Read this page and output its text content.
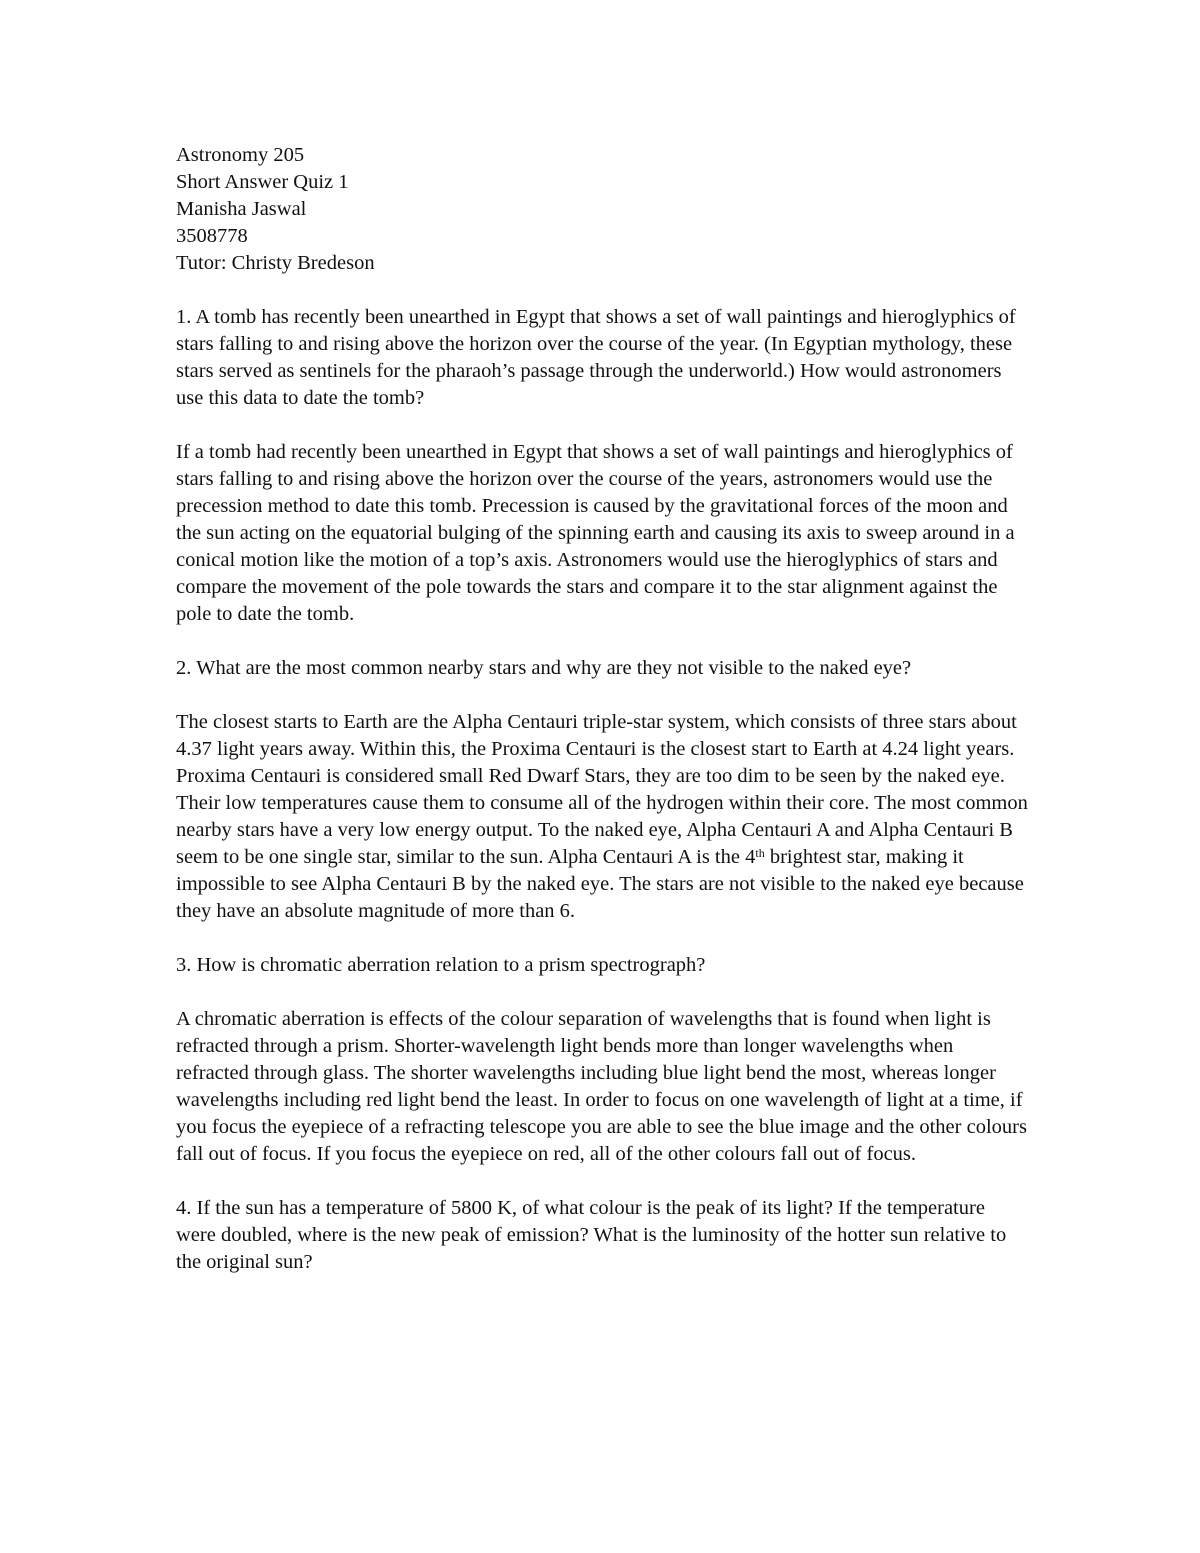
Astronomy 205
Short Answer Quiz 1
Manisha Jaswal
3508778
Tutor: Christy Bredeson

1. A tomb has recently been unearthed in Egypt that shows a set of wall paintings and hieroglyphics of stars falling to and rising above the horizon over the course of the year. (In Egyptian mythology, these stars served as sentinels for the pharaoh’s passage through the underworld.) How would astronomers use this data to date the tomb?

If a tomb had recently been unearthed in Egypt that shows a set of wall paintings and hieroglyphics of stars falling to and rising above the horizon over the course of the years, astronomers would use the precession method to date this tomb. Precession is caused by the gravitational forces of the moon and the sun acting on the equatorial bulging of the spinning earth and causing its axis to sweep around in a conical motion like the motion of a top’s axis. Astronomers would use the hieroglyphics of stars and compare the movement of the pole towards the stars and compare it to the star alignment against the pole to date the tomb.

2. What are the most common nearby stars and why are they not visible to the naked eye?

The closest starts to Earth are the Alpha Centauri triple-star system, which consists of three stars about 4.37 light years away. Within this, the Proxima Centauri is the closest start to Earth at 4.24 light years. Proxima Centauri is considered small Red Dwarf Stars, they are too dim to be seen by the naked eye. Their low temperatures cause them to consume all of the hydrogen within their core. The most common nearby stars have a very low energy output. To the naked eye, Alpha Centauri A and Alpha Centauri B seem to be one single star, similar to the sun. Alpha Centauri A is the 4th brightest star, making it impossible to see Alpha Centauri B by the naked eye. The stars are not visible to the naked eye because they have an absolute magnitude of more than 6.

3. How is chromatic aberration relation to a prism spectrograph?

A chromatic aberration is effects of the colour separation of wavelengths that is found when light is refracted through a prism. Shorter-wavelength light bends more than longer wavelengths when refracted through glass. The shorter wavelengths including blue light bend the most, whereas longer wavelengths including red light bend the least. In order to focus on one wavelength of light at a time, if you focus the eyepiece of a refracting telescope you are able to see the blue image and the other colours fall out of focus. If you focus the eyepiece on red, all of the other colours fall out of focus.

4. If the sun has a temperature of 5800 K, of what colour is the peak of its light? If the temperature were doubled, where is the new peak of emission? What is the luminosity of the hotter sun relative to the original sun?
